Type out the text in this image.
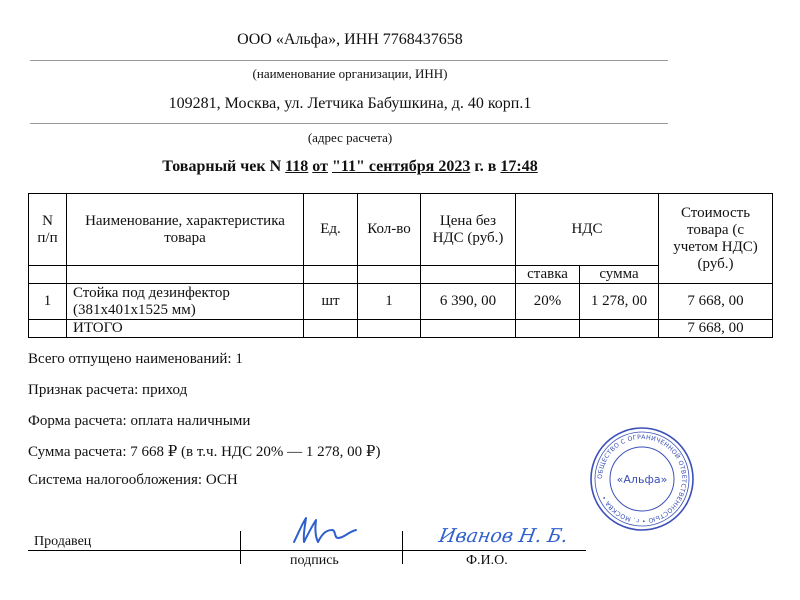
ООО «Альфа», ИНН 7768437658
(наименование организации, ИНН)
109281, Москва, ул. Летчика Бабушкина, д. 40 корп.1
(адрес расчета)
Товарный чек N 118 от "11" сентября 2023 г. в 17:48
N п/п	Наименование, характеристика товара	Ед.	Кол-во	Цена без НДС (руб.)	НДС		Стоимость товара (с учетом НДС) (руб.)
					ставка	сумма	
1	Стойка под дезинфектор (381x401x1525 мм)	шт	1	6 390, 00	20%	1 278, 00	7 668, 00
	ИТОГО						7 668, 00
Всего отпущено наименований: 1
Признак расчета: приход
Форма расчета: оплата наличными
Сумма расчета: 7 668 ₽ (в т.ч. НДС 20% — 1 278, 00 ₽)
Система налогообложения: ОСН	ОБЩЕСТВО С ОГРАНИЧЕННОЙ ОТВЕТСТВЕННОСТЬЮ • г. МОСКВА •
«Альфа»
Продавец
подпись	Ф.И.О.
Иванов Н. Б.
